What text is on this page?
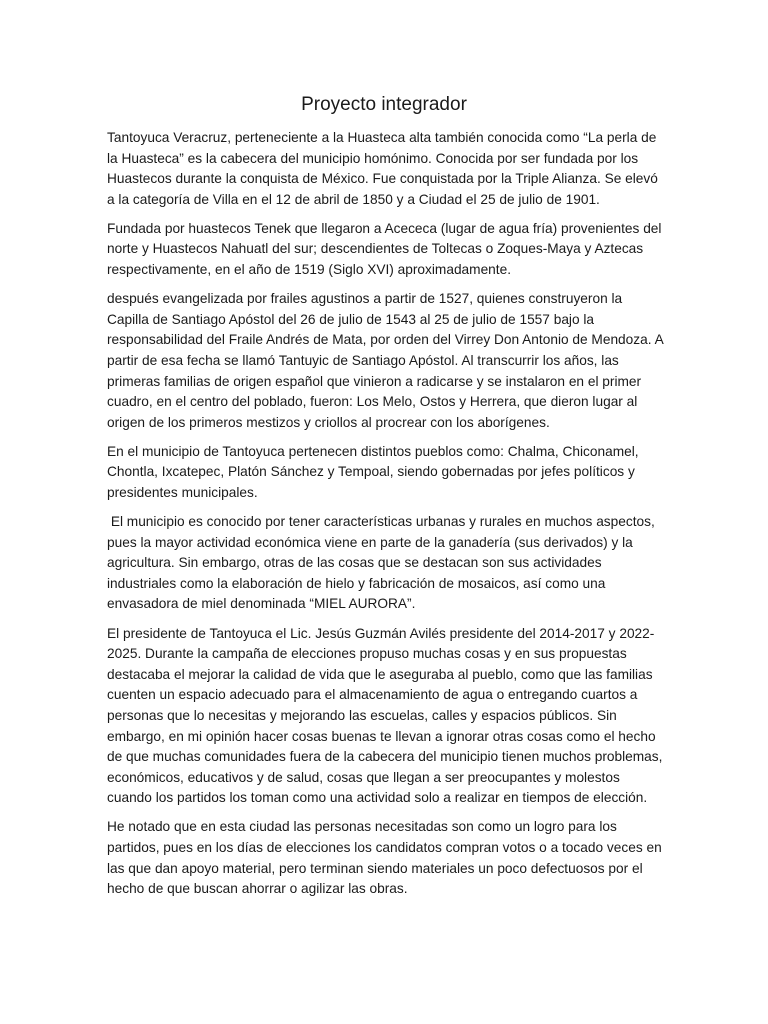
Proyecto integrador

Tantoyuca Veracruz, perteneciente a la Huasteca alta también conocida como “La perla de la Huasteca” es la cabecera del municipio homónimo. Conocida por ser fundada por los Huastecos durante la conquista de México. Fue conquistada por la Triple Alianza. Se elevó a la categoría de Villa en el 12 de abril de 1850 y a Ciudad el 25 de julio de 1901.

Fundada por huastecos Tenek que llegaron a Acececa (lugar de agua fría) provenientes del norte y Huastecos Nahuatl del sur; descendientes de Toltecas o Zoques-Maya y Aztecas respectivamente, en el año de 1519 (Siglo XVI) aproximadamente.

después evangelizada por frailes agustinos a partir de 1527, quienes construyeron la Capilla de Santiago Apóstol del 26 de julio de 1543 al 25 de julio de 1557 bajo la responsabilidad del Fraile Andrés de Mata, por orden del Virrey Don Antonio de Mendoza. A partir de esa fecha se llamó Tantuyic de Santiago Apóstol. Al transcurrir los años, las primeras familias de origen español que vinieron a radicarse y se instalaron en el primer cuadro, en el centro del poblado, fueron: Los Melo, Ostos y Herrera, que dieron lugar al origen de los primeros mestizos y criollos al procrear con los aborígenes.

En el municipio de Tantoyuca pertenecen distintos pueblos como: Chalma, Chiconamel, Chontla, Ixcatepec, Platón Sánchez y Tempoal, siendo gobernadas por jefes políticos y presidentes municipales.

El municipio es conocido por tener características urbanas y rurales en muchos aspectos, pues la mayor actividad económica viene en parte de la ganadería (sus derivados) y la agricultura. Sin embargo, otras de las cosas que se destacan son sus actividades industriales como la elaboración de hielo y fabricación de mosaicos, así como una envasadora de miel denominada “MIEL AURORA”.

El presidente de Tantoyuca el Lic. Jesús Guzmán Avilés presidente del 2014-2017 y 2022-2025. Durante la campaña de elecciones propuso muchas cosas y en sus propuestas destacaba el mejorar la calidad de vida que le aseguraba al pueblo, como que las familias cuenten un espacio adecuado para el almacenamiento de agua o entregando cuartos a personas que lo necesitas y mejorando las escuelas, calles y espacios públicos. Sin embargo, en mi opinión hacer cosas buenas te llevan a ignorar otras cosas como el hecho de que muchas comunidades fuera de la cabecera del municipio tienen muchos problemas, económicos, educativos y de salud, cosas que llegan a ser preocupantes y molestos cuando los partidos los toman como una actividad solo a realizar en tiempos de elección.

He notado que en esta ciudad las personas necesitadas son como un logro para los partidos, pues en los días de elecciones los candidatos compran votos o a tocado veces en las que dan apoyo material, pero terminan siendo materiales un poco defectuosos por el hecho de que buscan ahorrar o agilizar las obras.
